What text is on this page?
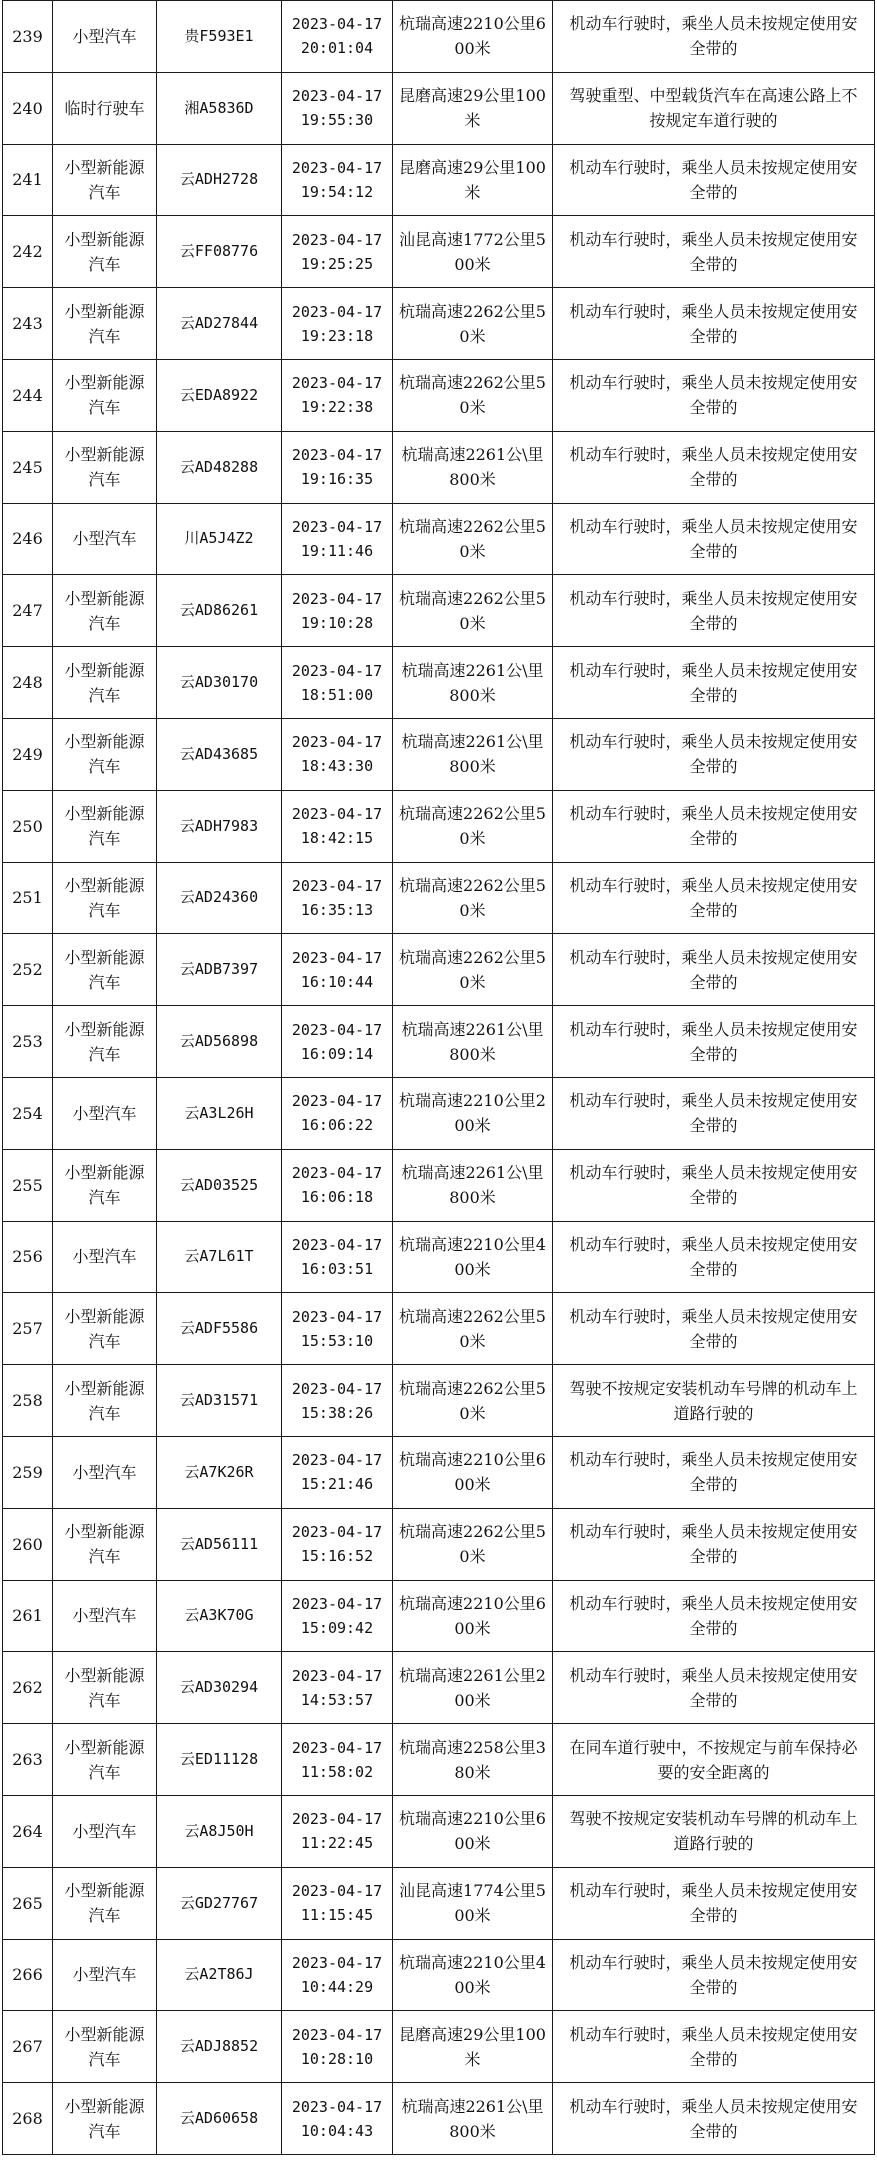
239	小型汽车	贵F593E1	2023-04-17 20:01:04	杭瑞高速2210公里600米	机动车行驶时，乘坐人员未按规定使用安全带的
240	临时行驶车	湘A5836D	2023-04-17 19:55:30	昆磨高速29公里100米	驾驶重型、中型载货汽车在高速公路上不按规定车道行驶的
241	小型新能源汽车	云ADH2728	2023-04-17 19:54:12	昆磨高速29公里100米	机动车行驶时，乘坐人员未按规定使用安全带的
242	小型新能源汽车	云FF08776	2023-04-17 19:25:25	汕昆高速1772公里500米	机动车行驶时，乘坐人员未按规定使用安全带的
243	小型新能源汽车	云AD27844	2023-04-17 19:23:18	杭瑞高速2262公里50米	机动车行驶时，乘坐人员未按规定使用安全带的
244	小型新能源汽车	云EDA8922	2023-04-17 19:22:38	杭瑞高速2262公里50米	机动车行驶时，乘坐人员未按规定使用安全带的
245	小型新能源汽车	云AD48288	2023-04-17 19:16:35	杭瑞高速2261公\里800米	机动车行驶时，乘坐人员未按规定使用安全带的
246	小型汽车	川A5J4Z2	2023-04-17 19:11:46	杭瑞高速2262公里50米	机动车行驶时，乘坐人员未按规定使用安全带的
247	小型新能源汽车	云AD86261	2023-04-17 19:10:28	杭瑞高速2262公里50米	机动车行驶时，乘坐人员未按规定使用安全带的
248	小型新能源汽车	云AD30170	2023-04-17 18:51:00	杭瑞高速2261公\里800米	机动车行驶时，乘坐人员未按规定使用安全带的
249	小型新能源汽车	云AD43685	2023-04-17 18:43:30	杭瑞高速2261公\里800米	机动车行驶时，乘坐人员未按规定使用安全带的
250	小型新能源汽车	云ADH7983	2023-04-17 18:42:15	杭瑞高速2262公里50米	机动车行驶时，乘坐人员未按规定使用安全带的
251	小型新能源汽车	云AD24360	2023-04-17 16:35:13	杭瑞高速2262公里50米	机动车行驶时，乘坐人员未按规定使用安全带的
252	小型新能源汽车	云ADB7397	2023-04-17 16:10:44	杭瑞高速2262公里50米	机动车行驶时，乘坐人员未按规定使用安全带的
253	小型新能源汽车	云AD56898	2023-04-17 16:09:14	杭瑞高速2261公\里800米	机动车行驶时，乘坐人员未按规定使用安全带的
254	小型汽车	云A3L26H	2023-04-17 16:06:22	杭瑞高速2210公里200米	机动车行驶时，乘坐人员未按规定使用安全带的
255	小型新能源汽车	云AD03525	2023-04-17 16:06:18	杭瑞高速2261公\里800米	机动车行驶时，乘坐人员未按规定使用安全带的
256	小型汽车	云A7L61T	2023-04-17 16:03:51	杭瑞高速2210公里400米	机动车行驶时，乘坐人员未按规定使用安全带的
257	小型新能源汽车	云ADF5586	2023-04-17 15:53:10	杭瑞高速2262公里50米	机动车行驶时，乘坐人员未按规定使用安全带的
258	小型新能源汽车	云AD31571	2023-04-17 15:38:26	杭瑞高速2262公里50米	驾驶不按规定安装机动车号牌的机动车上道路行驶的
259	小型汽车	云A7K26R	2023-04-17 15:21:46	杭瑞高速2210公里600米	机动车行驶时，乘坐人员未按规定使用安全带的
260	小型新能源汽车	云AD56111	2023-04-17 15:16:52	杭瑞高速2262公里50米	机动车行驶时，乘坐人员未按规定使用安全带的
261	小型汽车	云A3K70G	2023-04-17 15:09:42	杭瑞高速2210公里600米	机动车行驶时，乘坐人员未按规定使用安全带的
262	小型新能源汽车	云AD30294	2023-04-17 14:53:57	杭瑞高速2261公里200米	机动车行驶时，乘坐人员未按规定使用安全带的
263	小型新能源汽车	云ED11128	2023-04-17 11:58:02	杭瑞高速2258公里380米	在同车道行驶中，不按规定与前车保持必要的安全距离的
264	小型汽车	云A8J50H	2023-04-17 11:22:45	杭瑞高速2210公里600米	驾驶不按规定安装机动车号牌的机动车上道路行驶的
265	小型新能源汽车	云GD27767	2023-04-17 11:15:45	汕昆高速1774公里500米	机动车行驶时，乘坐人员未按规定使用安全带的
266	小型汽车	云A2T86J	2023-04-17 10:44:29	杭瑞高速2210公里400米	机动车行驶时，乘坐人员未按规定使用安全带的
267	小型新能源汽车	云ADJ8852	2023-04-17 10:28:10	昆磨高速29公里100米	机动车行驶时，乘坐人员未按规定使用安全带的
268	小型新能源汽车	云AD60658	2023-04-17 10:04:43	杭瑞高速2261公\里800米	机动车行驶时，乘坐人员未按规定使用安全带的
